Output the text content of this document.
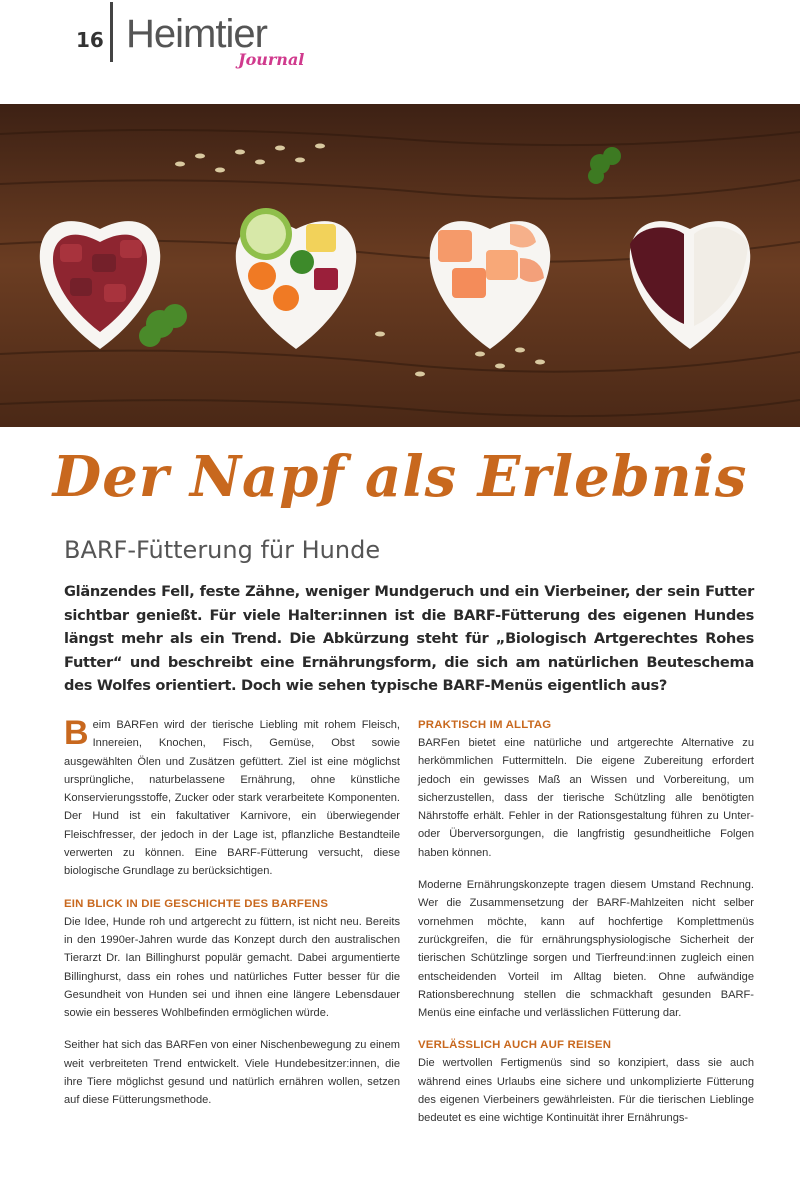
16 Heimtier
Journal
Der Napf als Erlebnis
BARF-Fütterung für Hunde
Glänzendes Fell, feste Zähne, weniger Mundgeruch und ein Vierbeiner, der sein Futter sichtbar genießt. Für viele Halter:innen ist die BARF-Fütterung des eigenen Hundes längst mehr als ein Trend. Die Abkürzung steht für „Biologisch Artgerechtes Rohes Futter“ und beschreibt eine Ernährungsform, die sich am natürlichen Beuteschema des Wolfes orientiert. Doch wie sehen typische BARF-Menüs eigentlich aus?

Beim BARFen wird der tierische Liebling mit rohem Fleisch, Innereien, Knochen, Fisch, Gemüse, Obst sowie ausgewählten Ölen und Zusätzen gefüttert. Ziel ist eine möglichst ursprüngliche, naturbelassene Ernährung, ohne künstliche Konservierungsstoffe, Zucker oder stark verarbeitete Komponenten. Der Hund ist ein fakultativer Karnivore, ein überwiegender Fleischfresser, der jedoch in der Lage ist, pflanzliche Bestandteile verwerten zu können. Eine BARF-Fütterung versucht, diese biologische Grundlage zu berücksichtigen.

EIN BLICK IN DIE GESCHICHTE DES BARFENS

Die Idee, Hunde roh und artgerecht zu füttern, ist nicht neu. Bereits in den 1990er-Jahren wurde das Konzept durch den australischen Tierarzt Dr. Ian Billinghurst populär gemacht. Dabei argumentierte Billinghurst, dass ein rohes und natürliches Futter besser für die Gesundheit von Hunden sei und ihnen eine längere Lebensdauer sowie ein besseres Wohlbefinden ermöglichen würde.

Seither hat sich das BARFen von einer Nischenbewegung zu einem weit verbreiteten Trend entwickelt. Viele Hundebesitzer:innen, die ihre Tiere möglichst gesund und natürlich ernähren wollen, setzen auf diese Fütterungsmethode.

PRAKTISCH IM ALLTAG

BARFen bietet eine natürliche und artgerechte Alternative zu herkömmlichen Futtermitteln. Die eigene Zubereitung erfordert jedoch ein gewisses Maß an Wissen und Vorbereitung, um sicherzustellen, dass der tierische Schützling alle benötigten Nährstoffe erhält. Fehler in der Rationsgestaltung führen zu Unter- oder Überversorgungen, die langfristig gesundheitliche Folgen haben können.

Moderne Ernährungskonzepte tragen diesem Umstand Rechnung. Wer die Zusammensetzung der BARF-Mahlzeiten nicht selber vornehmen möchte, kann auf hochfertige Komplettmenüs zurückgreifen, die für ernährungsphysiologische Sicherheit der tierischen Schützlinge sorgen und Tierfreund:innen zugleich einen entscheidenden Vorteil im Alltag bieten. Ohne aufwändige Rationsberechnung stellen die schmackhaft gesunden BARF-Menüs eine einfache und verlässlichen Fütterung dar.

VERLÄSSLICH AUCH AUF REISEN

Die wertvollen Fertigmenüs sind so konzipiert, dass sie auch während eines Urlaubs eine sichere und unkomplizierte Fütterung des eigenen Vierbeiners gewährleisten. Für die tierischen Lieblinge bedeutet es eine wichtige Kontinuität ihrer Ernährungs-
